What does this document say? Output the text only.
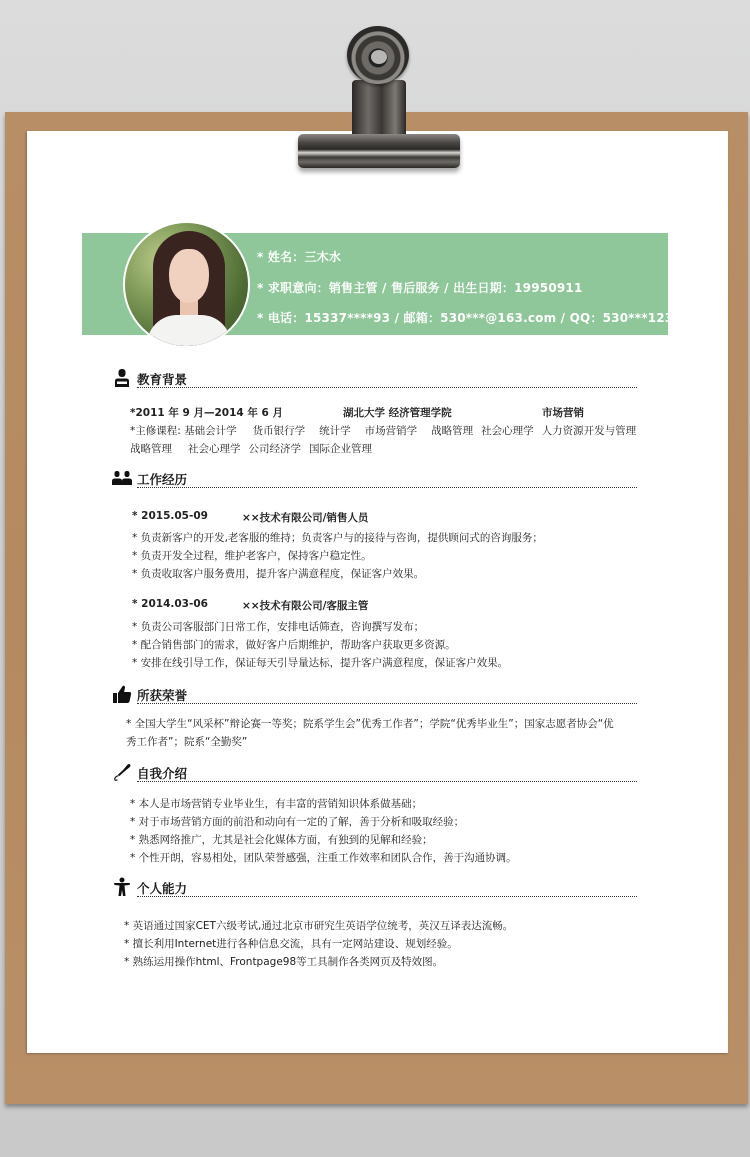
* 姓名：三木水
* 求职意向：销售主管 / 售后服务 / 出生日期：19950911
* 电话：15337****93 / 邮箱：530***@163.com / QQ：530***123
教育背景
*2011 年 9 月—2014 年 6 月	湖北大学 经济管理学院	市场营销
*主修课程: 基础会计学 货币银行学 统计学 市场营销学 战略管理 社会心理学 人力资源开发与管理
战略管理 社会心理学 公司经济学 国际企业管理
工作经历
* 2015.05-09	××技术有限公司/销售人员
* 负责新客户的开发,老客服的维持；负责客户与的接待与咨询，提供顾问式的咨询服务；
* 负责开发全过程，维护老客户，保持客户稳定性。
* 负责收取客户服务费用，提升客户满意程度，保证客户效果。
* 2014.03-06	××技术有限公司/客服主管
* 负责公司客服部门日常工作，安排电话筛查，咨询撰写发布；
* 配合销售部门的需求，做好客户后期维护，帮助客户获取更多资源。
* 安排在线引导工作，保证每天引导量达标，提升客户满意程度，保证客户效果。
所获荣誉
* 全国大学生“风采杯”辩论赛一等奖；院系学生会”优秀工作者”；学院“优秀毕业生”；国家志愿者协会“优
秀工作者”；院系“全勤奖”
自我介绍
* 本人是市场营销专业毕业生，有丰富的营销知识体系做基础；
* 对于市场营销方面的前沿和动向有一定的了解，善于分析和吸取经验；
* 熟悉网络推广，尤其是社会化媒体方面，有独到的见解和经验；
* 个性开朗，容易相处，团队荣誉感强，注重工作效率和团队合作，善于沟通协调。
个人能力
* 英语通过国家CET六级考试,通过北京市研究生英语学位统考，英汉互译表达流畅。
* 擅长利用Internet进行各种信息交流，具有一定网站建设、规划经验。
* 熟练运用操作html、Frontpage98等工具制作各类网页及特效图。
